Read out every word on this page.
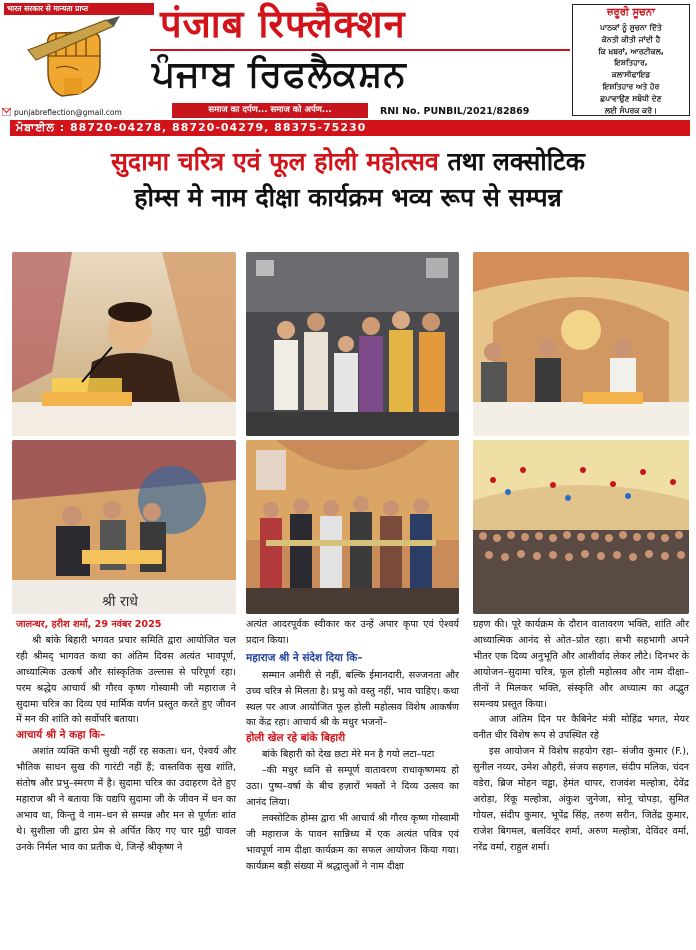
भारत सरकार से मान्यता प्राप्त	पंजाब रिफ्लैक्शन
ਪੰਜਾਬ ਰਿਫਲੈਕਸ਼ਨ
ਜ਼ਰੂਰੀ ਸੂਚਨਾ
ਪਾਠਕਾਂ ਨੂੰ ਸੂਚਨਾ ਦਿੱਤੇ
ਕੋਨਤੀ ਕੀਤੀ ਜਾਂਦੀ ਹੈ
ਕਿ ਖ਼ਬਰਾਂ, ਆਰਟੀਕਲ,
ਇਸ਼ਤਿਹਾਰ,
ਕਲਾਸੀਫਾਇਡ
ਇਸ਼ਤਿਹਾਰ ਅਤੇ ਹੋਰ
ਛਪਾਵਾਉਣ ਸਬੰਧੀ ਦੇਣ
ਲਈ ਸੰਪਰਕ ਕਰੋ।
punjabreflection@gmail.com	समाज का दर्पण... समाज को अर्पण...	RNI No. PUNBIL/2021/82869
ਮੋਬਾਈਲ : 88720-04278, 88720-04279, 88375-75230
सुदामा चरित्र एवं फूल होली महोत्सव तथा लक्सोटिक
होम्स मे नाम दीक्षा कार्यक्रम भव्य रूप से सम्पन्न
श्री राधे

जालन्धर, हरीश शर्मा, 29 नवंबर 2025

श्री बांके बिहारी भगवत प्रचार समिति द्वारा आयोजित चल रही श्रीमद् भागवत कथा का अंतिम दिवस अत्यंत भावपूर्ण, आध्यात्मिक उत्कर्ष और सांस्कृतिक उल्लास से परिपूर्ण रहा। परम श्रद्धेय आचार्य श्री गौरव कृष्ण गोस्वामी जी महाराज ने सुदामा चरित्र का दिव्य एवं मार्मिक वर्णन प्रस्तुत करते हुए जीवन में मन की शांति को सर्वोपरि बताया।

आचार्य श्री ने कहा कि–

अशांत व्यक्ति कभी सुखी नहीं रह सकता। धन, ऐश्वर्य और भौतिक साधन सुख की गारंटी नहीं हैं; वास्तविक सुख शांति, संतोष और प्रभु–स्मरण में है। सुदामा चरित्र का उदाहरण देते हुए महाराज श्री ने बताया कि यद्यपि सुदामा जी के जीवन में धन का अभाव था, किन्तु वे नाम–धन से सम्पन्न और मन से पूर्णतः शांत थे। सुशीला जी द्वारा प्रेम से अर्पित किए गए चार मुट्ठी चावल उनके निर्मल भाव का प्रतीक थे, जिन्हें श्रीकृष्ण ने

अत्यंत आदरपूर्वक स्वीकार कर उन्हें अपार कृपा एवं ऐश्वर्य प्रदान किया।

महाराज श्री ने संदेश दिया कि–

सम्मान अमीरी से नहीं, बल्कि ईमानदारी, सज्जनता और उच्च चरित्र से मिलता है। प्रभु को वस्तु नहीं, भाव चाहिए। कथा स्थल पर आज आयोजित फूल होली महोत्सव विशेष आकर्षण का केंद्र रहा। आचार्य श्री के मधुर भजनों–

होली खेल रहे बांके बिहारी

बांके बिहारी को देख छटा मेरे मन है गयो लटा–पटा

–की मधुर ध्वनि से सम्पूर्ण वातावरण राधाकृष्णमय हो उठा। पुष्प–वर्षा के बीच हज़ारों भक्तों ने दिव्य उत्सव का आनंद लिया।

लक्सोटिक होम्स द्वारा भी आचार्य श्री गौरव कृष्ण गोस्वामी जी महाराज के पावन सान्निध्य में एक अत्यंत पवित्र एवं भावपूर्ण नाम दीक्षा कार्यक्रम का सफल आयोजन किया गया। कार्यक्रम बड़ी संख्या में श्रद्धालुओं ने नाम दीक्षा

ग्रहण की। पूरे कार्यक्रम के दौरान वातावरण भक्ति, शांति और आध्यात्मिक आनंद से ओत–प्रोत रहा। सभी सहभागी अपने भीतर एक दिव्य अनुभूति और आशीर्वाद लेकर लौटे। दिनभर के आयोजन–सुदामा चरित्र, फूल होली महोत्सव और नाम दीक्षा–तीनों ने मिलकर भक्ति, संस्कृति और अध्यात्म का अद्भुत समन्वय प्रस्तुत किया।

आज अंतिम दिन पर कैबिनेट मंत्री मोहिंद्र भगत, मेयर वनीत धीर विशेष रूप से उपस्थित रहे

इस आयोजन में विशेष सहयोग रहा– संजीव कुमार (F.), सुनील नय्यर, उमेश औहरी, संजय सहगल, संदीप मलिक, चंदन वडेरा, ब्रिज मोहन चड्ढा, हेमंत थापर, राजवंश मल्होत्रा, देवेंद्र अरोड़ा, रिंकू मल्होत्रा, अंकुश जुनेजा, सोनू चोपड़ा, सुमित गोयल, संदीप कुमार, भूपेंद्र सिंह, तरुण सरीन, जितेंद्र कुमार, राजेश बिगमल, बलविंदर शर्मा, अरुण मल्होत्रा, देविंदर वर्मा, नरेंद्र वर्मा, राहुल शर्मा।
